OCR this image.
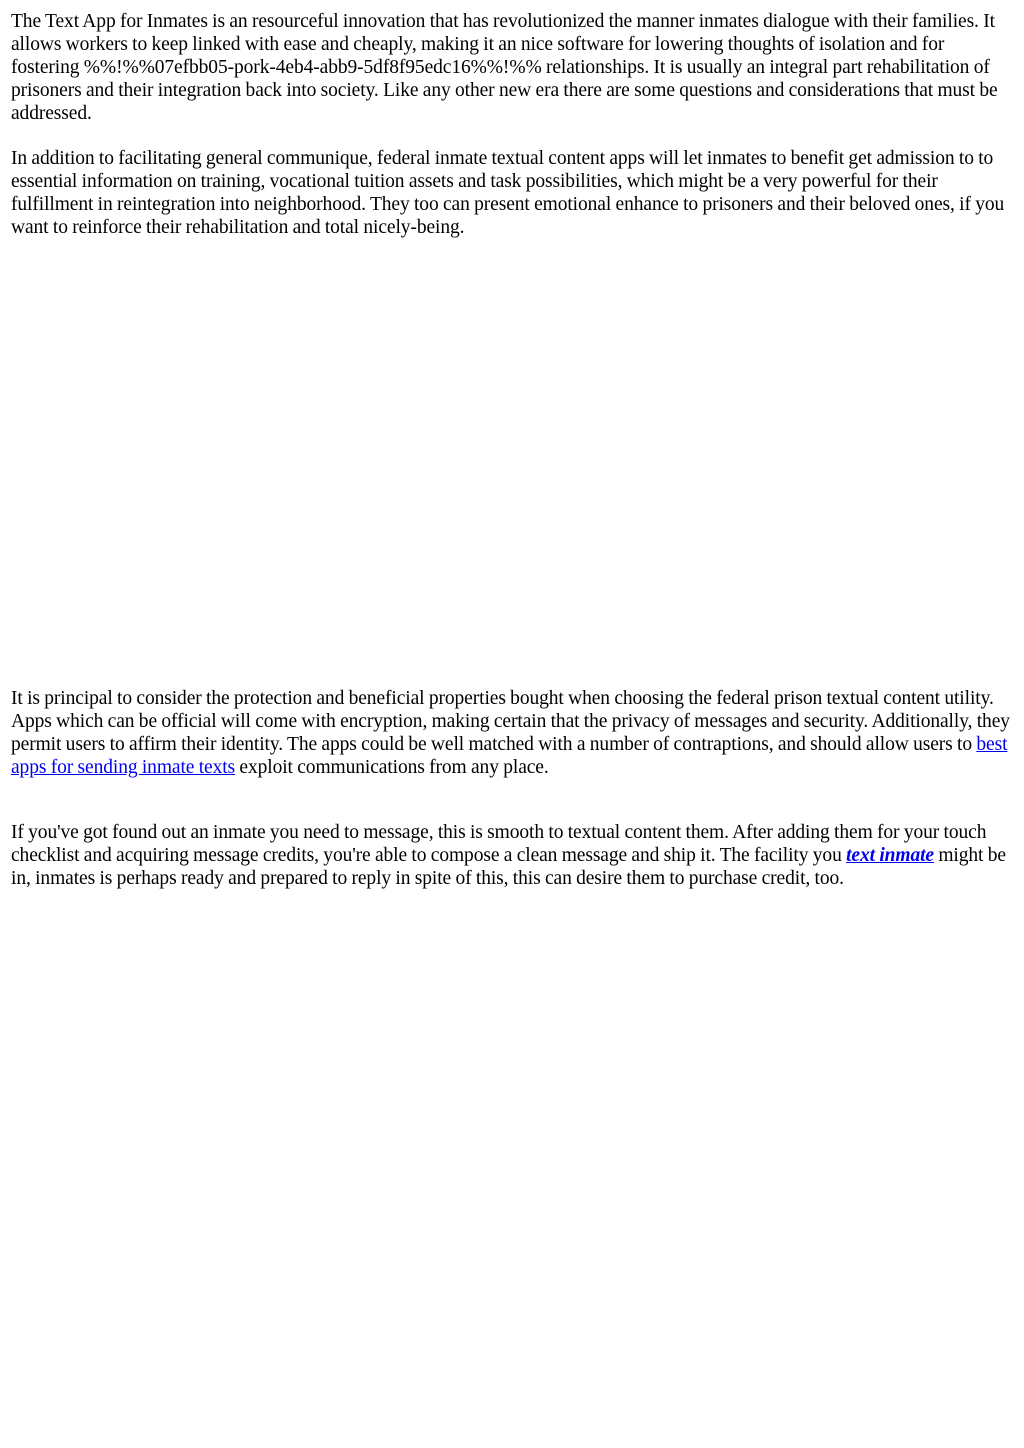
The Text App for Inmates is an resourceful innovation that has revolutionized the manner inmates dialogue with their families. It allows workers to keep linked with ease and cheaply, making it an nice software for lowering thoughts of isolation and for fostering %%!%%07efbb05-pork-4eb4-abb9-5df8f95edc16%%!%% relationships. It is usually an integral part rehabilitation of prisoners and their integration back into society. Like any other new era there are some questions and considerations that must be addressed.

In addition to facilitating general communique, federal inmate textual content apps will let inmates to benefit get admission to to essential information on training, vocational tuition assets and task possibilities, which might be a very powerful for their fulfillment in reintegration into neighborhood. They too can present emotional enhance to prisoners and their beloved ones, if you want to reinforce their rehabilitation and total nicely-being.

It is principal to consider the protection and beneficial properties bought when choosing the federal prison textual content utility. Apps which can be official will come with encryption, making certain that the privacy of messages and security. Additionally, they permit users to affirm their identity. The apps could be well matched with a number of contraptions, and should allow users to best apps for sending inmate texts exploit communications from any place.

If you've got found out an inmate you need to message, this is smooth to textual content them. After adding them for your touch checklist and acquiring message credits, you're able to compose a clean message and ship it. The facility you text inmate might be in, inmates is perhaps ready and prepared to reply in spite of this, this can desire them to purchase credit, too.
